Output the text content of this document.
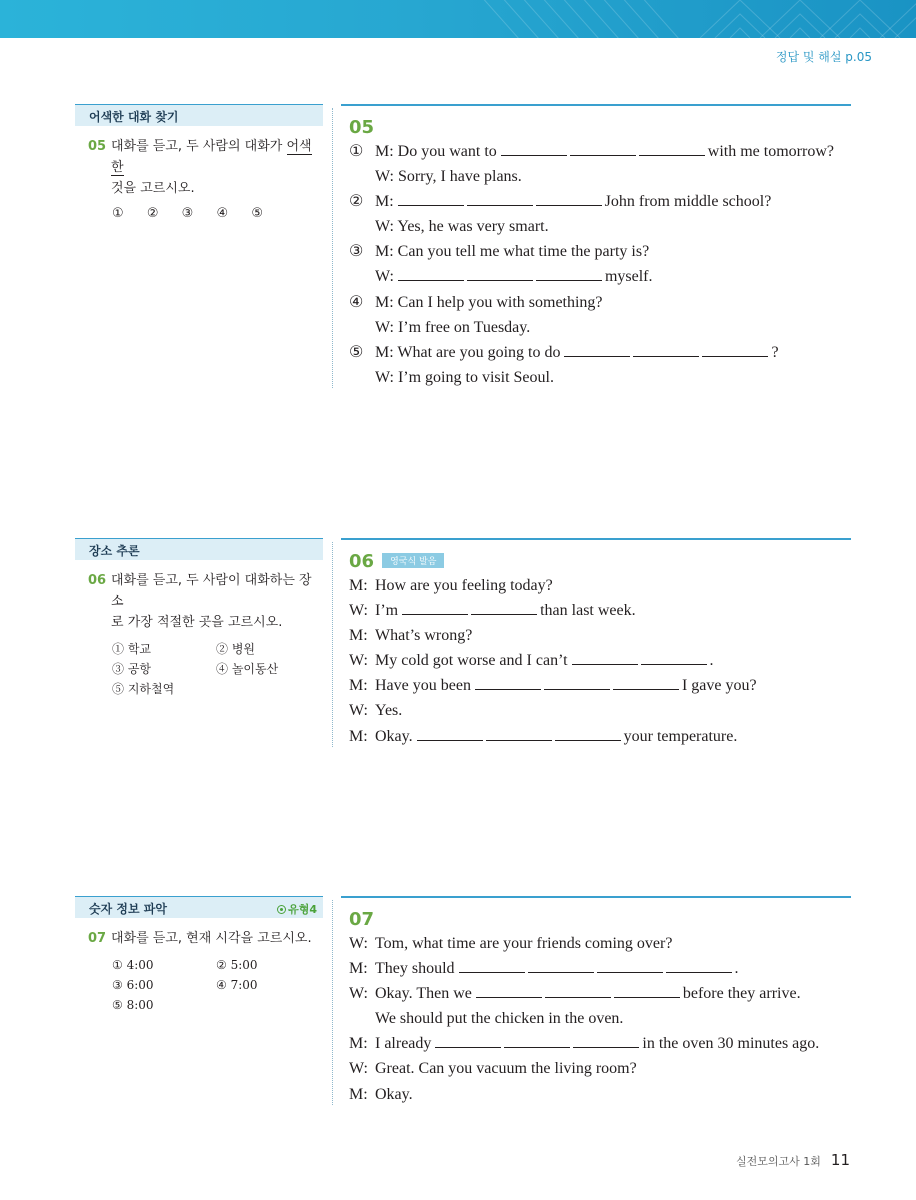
정답 및 해설 p.05
어색한 대화 찾기
05 대화를 듣고, 두 사람의 대화가 어색한
것을 고르시오.
① ② ③ ④ ⑤
05
① M: Do you want to	with me tomorrow?
W: Sorry, I have plans.
② M:	John from middle school?
W: Yes, he was very smart.
③ M: Can you tell me what time the party is?
W:	myself.
④ M: Can I help you with something?
W: I’m free on Tuesday.
⑤ M: What are you going to do	?
W: I’m going to visit Seoul.
장소 추론
06 대화를 듣고, 두 사람이 대화하는 장소
로 가장 적절한 곳을 고르시오.
① 학교	② 병원
③ 공항	④ 놀이동산
⑤ 지하철역
06 영국식 발음
M: How are you feeling today?
W: I’m	than last week.
M: What’s wrong?
W: My cold got worse and I can’t	.
M: Have you been	I gave you?
W: Yes.
M: Okay.	your temperature.
숫자 정보 파악	유형4
07 대화를 듣고, 현재 시각을 고르시오.
① 4:00	② 5:00
③ 6:00	④ 7:00
⑤ 8:00
07
W: Tom, what time are your friends coming over?
M: They should	.
W: Okay. Then we	before they arrive.
We should put the chicken in the oven.
M: I already	in the oven 30 minutes ago.
W: Great. Can you vacuum the living room?
M: Okay.
실전모의고사 1회 11
